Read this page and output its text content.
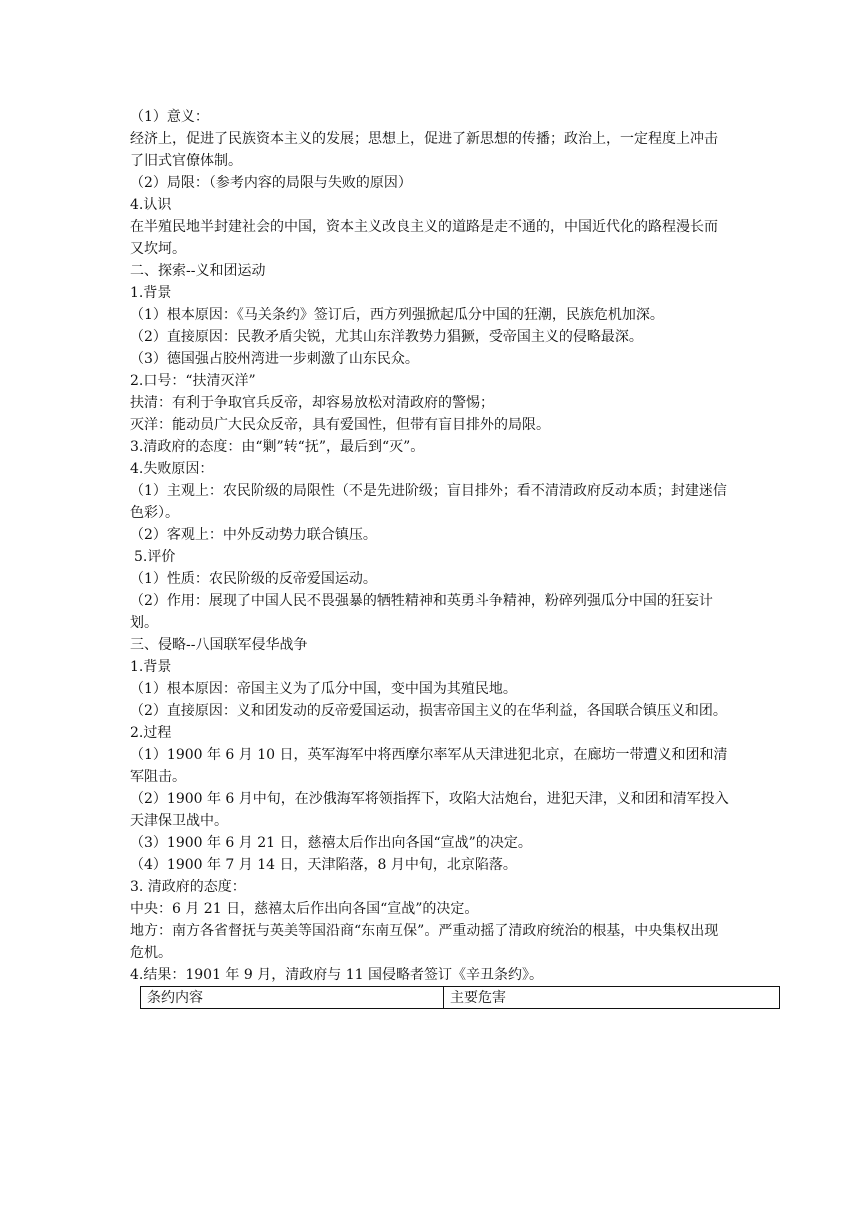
（1）意义：
经济上，促进了民族资本主义的发展；思想上，促进了新思想的传播；政治上，一定程度上冲击了旧式官僚体制。
（2）局限：（参考内容的局限与失败的原因）
4.认识
在半殖民地半封建社会的中国，资本主义改良主义的道路是走不通的，中国近代化的路程漫长而又坎坷。
二、探索--义和团运动
1.背景
（1）根本原因：《马关条约》签订后，西方列强掀起瓜分中国的狂潮，民族危机加深。
（2）直接原因：民教矛盾尖锐，尤其山东洋教势力猖獗，受帝国主义的侵略最深。
（3）德国强占胶州湾进一步刺激了山东民众。
2.口号：“扶清灭洋”
扶清：有利于争取官兵反帝，却容易放松对清政府的警惕；
灭洋：能动员广大民众反帝，具有爱国性，但带有盲目排外的局限。
3.清政府的态度：由“剿”转“抚”，最后到“灭”。
4.失败原因：
（1）主观上：农民阶级的局限性（不是先进阶级；盲目排外；看不清清政府反动本质；封建迷信色彩）。
（2）客观上：中外反动势力联合镇压。
5.评价
（1）性质：农民阶级的反帝爱国运动。
（2）作用：展现了中国人民不畏强暴的牺牲精神和英勇斗争精神，粉碎列强瓜分中国的狂妄计划。
三、侵略--八国联军侵华战争
1.背景
（1）根本原因：帝国主义为了瓜分中国，变中国为其殖民地。
（2）直接原因：义和团发动的反帝爱国运动，损害帝国主义的在华利益，各国联合镇压义和团。
2.过程
（1）1900 年 6 月 10 日，英军海军中将西摩尔率军从天津进犯北京，在廊坊一带遭义和团和清军阻击。
（2）1900 年 6 月中旬，在沙俄海军将领指挥下，攻陷大沽炮台，进犯天津，义和团和清军投入天津保卫战中。
（3）1900 年 6 月 21 日，慈禧太后作出向各国“宣战”的决定。
（4）1900 年 7 月 14 日，天津陷落，8 月中旬，北京陷落。
3. 清政府的态度：
中央：6 月 21 日，慈禧太后作出向各国“宣战”的决定。
地方：南方各省督抚与英美等国沿商“东南互保”。严重动摇了清政府统治的根基，中央集权出现危机。
4.结果：1901 年 9 月，清政府与 11 国侵略者签订《辛丑条约》。
条约内容	主要危害
